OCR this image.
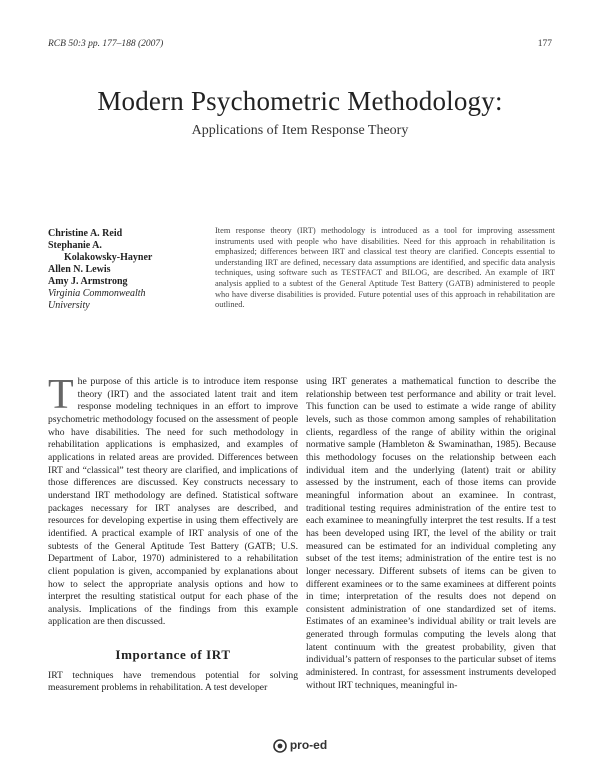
RCB 50:3 pp. 177–188 (2007)	177
Modern Psychometric Methodology:
Applications of Item Response Theory
Christine A. Reid
Stephanie A.
Kolakowsky-Hayner
Allen N. Lewis
Amy J. Armstrong
Virginia Commonwealth
University
Item response theory (IRT) methodology is introduced as a tool for improving assessment instruments used with people who have disabilities. Need for this approach in rehabilitation is emphasized; differences between IRT and classical test theory are clarified. Concepts essential to understanding IRT are defined, necessary data assumptions are identified, and specific data analysis techniques, using software such as TESTFACT and BILOG, are described. An example of IRT analysis applied to a subtest of the General Aptitude Test Battery (GATB) administered to people who have diverse disabilities is provided. Future potential uses of this approach in rehabilitation are outlined.

The purpose of this article is to introduce item response theory (IRT) and the associated latent trait and item response modeling techniques in an effort to improve psychometric methodology focused on the assessment of people who have disabilities. The need for such methodology in rehabilitation applications is emphasized, and examples of applications in related areas are provided. Differences between IRT and “classical” test theory are clarified, and implications of those differences are discussed. Key constructs necessary to understand IRT methodology are defined. Statistical software packages necessary for IRT analyses are described, and resources for developing expertise in using them effectively are identified. A practical example of IRT analysis of one of the subtests of the General Aptitude Test Battery (GATB; U.S. Department of Labor, 1970) administered to a rehabilitation client population is given, accompanied by explanations about how to select the appropriate analysis options and how to interpret the resulting statistical output for each phase of the analysis. Implications of the findings from this example application are then discussed.

Importance of IRT

IRT techniques have tremendous potential for solving measurement problems in rehabilitation. A test developer

using IRT generates a mathematical function to describe the relationship between test performance and ability or trait level. This function can be used to estimate a wide range of ability levels, such as those common among samples of rehabilitation clients, regardless of the range of ability within the original normative sample (Hambleton & Swaminathan, 1985). Because this methodology focuses on the relationship between each individual item and the underlying (latent) trait or ability assessed by the instrument, each of those items can provide meaningful information about an examinee. In contrast, traditional testing requires administration of the entire test to each examinee to meaningfully interpret the test results. If a test has been developed using IRT, the level of the ability or trait measured can be estimated for an individual completing any subset of the test items; administration of the entire test is no longer necessary. Different subsets of items can be given to different examinees or to the same examinees at different points in time; interpretation of the results does not depend on consistent administration of one standardized set of items. Estimates of an examinee’s individual ability or trait levels are generated through formulas computing the levels along that latent continuum with the greatest probability, given that individual’s pattern of responses to the particular subset of items administered. In contrast, for assessment instruments developed without IRT techniques, meaningful in-

pro-ed
